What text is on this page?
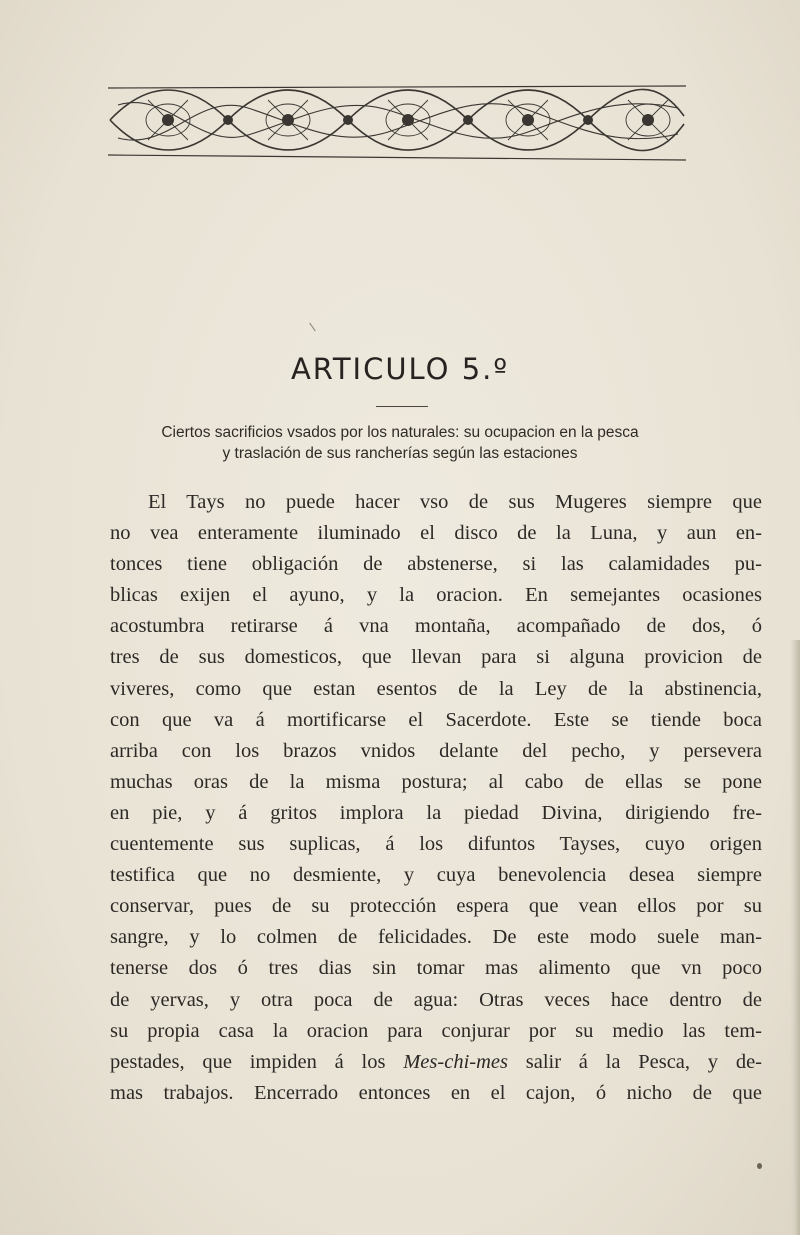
ARTICULO 5.º
Ciertos sacrificios vsados por los naturales: su ocupacion en la pesca
y traslación de sus rancherías según las estaciones
El Tays no puede hacer vso de sus Mugeres siempre que
no vea enteramente iluminado el disco de la Luna, y aun en-
tonces tiene obligación de abstenerse, si las calamidades pu-
blicas exijen el ayuno, y la oracion. En semejantes ocasiones
acostumbra retirarse á vna montaña, acompañado de dos, ó
tres de sus domesticos, que llevan para si alguna provicion de
viveres, como que estan esentos de la Ley de la abstinencia,
con que va á mortificarse el Sacerdote. Este se tiende boca
arriba con los brazos vnidos delante del pecho, y persevera
muchas oras de la misma postura; al cabo de ellas se pone
en pie, y á gritos implora la piedad Divina, dirigiendo fre-
cuentemente sus suplicas, á los difuntos Tayses, cuyo origen
testifica que no desmiente, y cuya benevolencia desea siempre
conservar, pues de su protección espera que vean ellos por su
sangre, y lo colmen de felicidades. De este modo suele man-
tenerse dos ó tres dias sin tomar mas alimento que vn poco
de yervas, y otra poca de agua: Otras veces hace dentro de
su propia casa la oracion para conjurar por su medio las tem-
pestades, que impiden á los Mes-chi-mes salir á la Pesca, y de-
mas trabajos. Encerrado entonces en el cajon, ó nicho de que
